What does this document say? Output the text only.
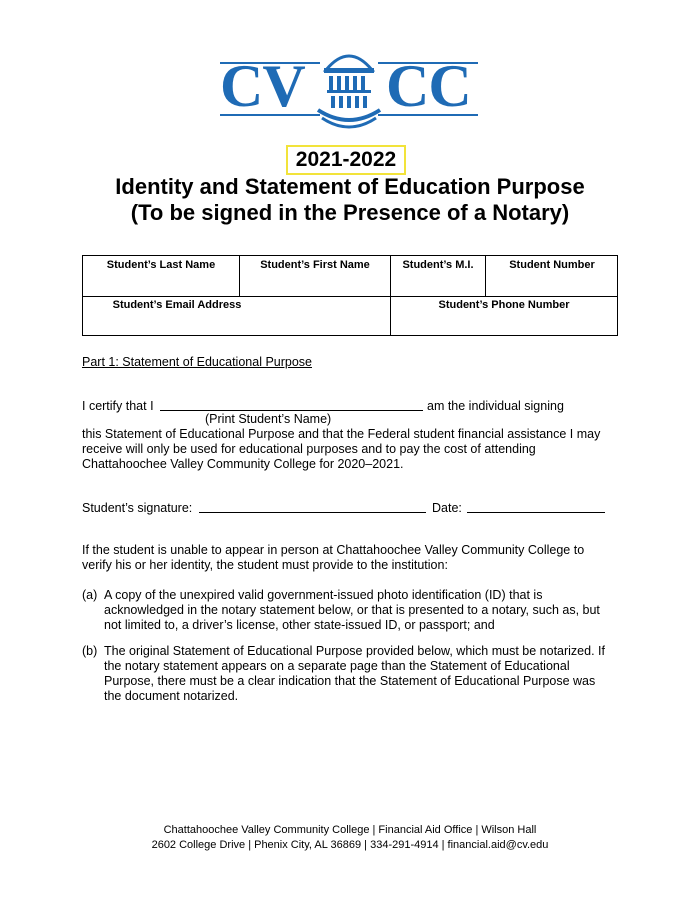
CV CC
2021-2022
Identity and Statement of Education Purpose
(To be signed in the Presence of a Notary)
Student’s Last Name	Student’s First Name	Student’s M.I.	Student Number
Student’s Email Address	Student’s Phone Number
Part 1: Statement of Educational Purpose
I certify that I	am the individual signing
(Print Student’s Name)
this Statement of Educational Purpose and that the Federal student financial assistance I may
receive will only be used for educational purposes and to pay the cost of attending
Chattahoochee Valley Community College for 2020–2021.
Student’s signature:	Date:
If the student is unable to appear in person at Chattahoochee Valley Community College to
verify his or her identity, the student must provide to the institution:
(a) A copy of the unexpired valid government-issued photo identification (ID) that is
acknowledged in the notary statement below, or that is presented to a notary, such as, but
not limited to, a driver’s license, other state-issued ID, or passport; and
(b) The original Statement of Educational Purpose provided below, which must be notarized. If
the notary statement appears on a separate page than the Statement of Educational
Purpose, there must be a clear indication that the Statement of Educational Purpose was
the document notarized.
Chattahoochee Valley Community College | Financial Aid Office | Wilson Hall
2602 College Drive | Phenix City, AL 36869 | 334-291-4914 | financial.aid@cv.edu
